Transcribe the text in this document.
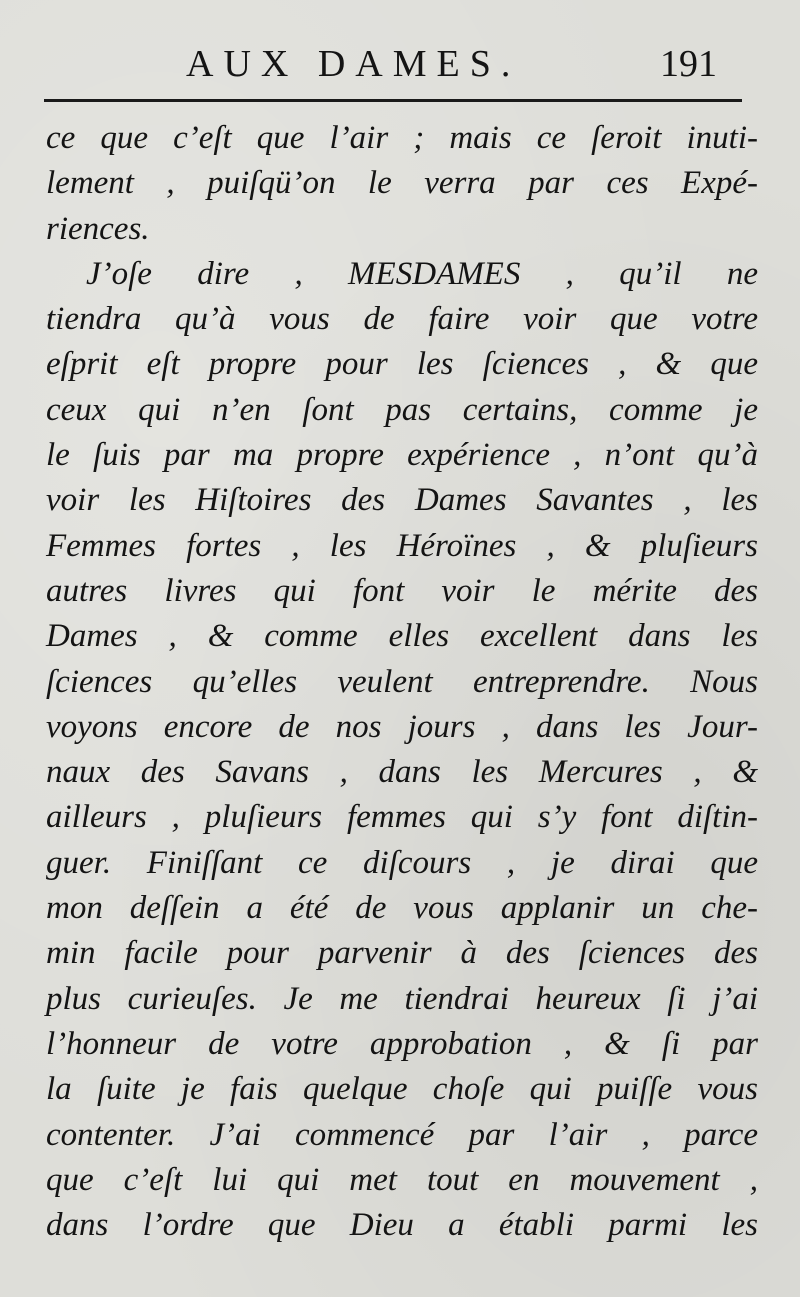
AUX DAMES.	191
ce que c’eſt que l’air ; mais ce ſeroit inuti-
lement , puiſqü’on le verra par ces Expé-
riences.
J’oſe dire , MESDAMES , qu’il ne
tiendra qu’à vous de faire voir que votre
eſprit eſt propre pour les ſciences , & que
ceux qui n’en ſont pas certains, comme je
le ſuis par ma propre expérience , n’ont qu’à
voir les Hiſtoires des Dames Savantes , les
Femmes fortes , les Héroïnes , & pluſieurs
autres livres qui font voir le mérite des
Dames , & comme elles excellent dans les
ſciences qu’elles veulent entreprendre. Nous
voyons encore de nos jours , dans les Jour-
naux des Savans , dans les Mercures , &
ailleurs , pluſieurs femmes qui s’y font diſtin-
guer. Finiſſant ce diſcours , je dirai que
mon deſſein a été de vous applanir un che-
min facile pour parvenir à des ſciences des
plus curieuſes. Je me tiendrai heureux ſi j’ai
l’honneur de votre approbation , & ſi par
la ſuite je fais quelque choſe qui puiſſe vous
contenter. J’ai commencé par l’air , parce
que c’eſt lui qui met tout en mouvement ,
dans l’ordre que Dieu a établi parmi les
